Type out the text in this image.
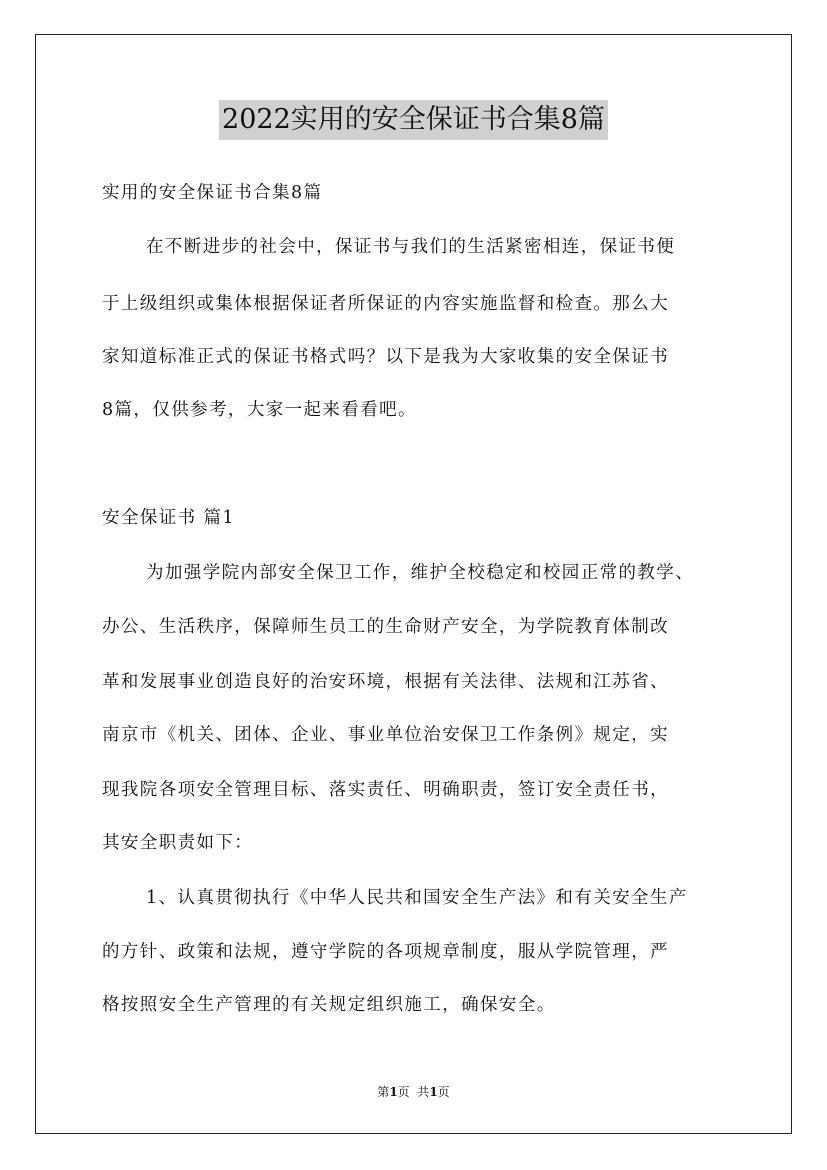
2022实用的安全保证书合集8篇
实用的安全保证书合集8篇
在不断进步的社会中，保证书与我们的生活紧密相连，保证书便
于上级组织或集体根据保证者所保证的内容实施监督和检查。那么大
家知道标准正式的保证书格式吗？以下是我为大家收集的安全保证书
8篇，仅供参考，大家一起来看看吧。
安全保证书 篇1
为加强学院内部安全保卫工作，维护全校稳定和校园正常的教学、
办公、生活秩序，保障师生员工的生命财产安全，为学院教育体制改
革和发展事业创造良好的治安环境，根据有关法律、法规和江苏省、
南京市《机关、团体、企业、事业单位治安保卫工作条例》规定，实
现我院各项安全管理目标、落实责任、明确职责，签订安全责任书，
其安全职责如下：
1、认真贯彻执行《中华人民共和国安全生产法》和有关安全生产
的方针、政策和法规，遵守学院的各项规章制度，服从学院管理，严
格按照安全生产管理的有关规定组织施工，确保安全。
第1页  共1页
